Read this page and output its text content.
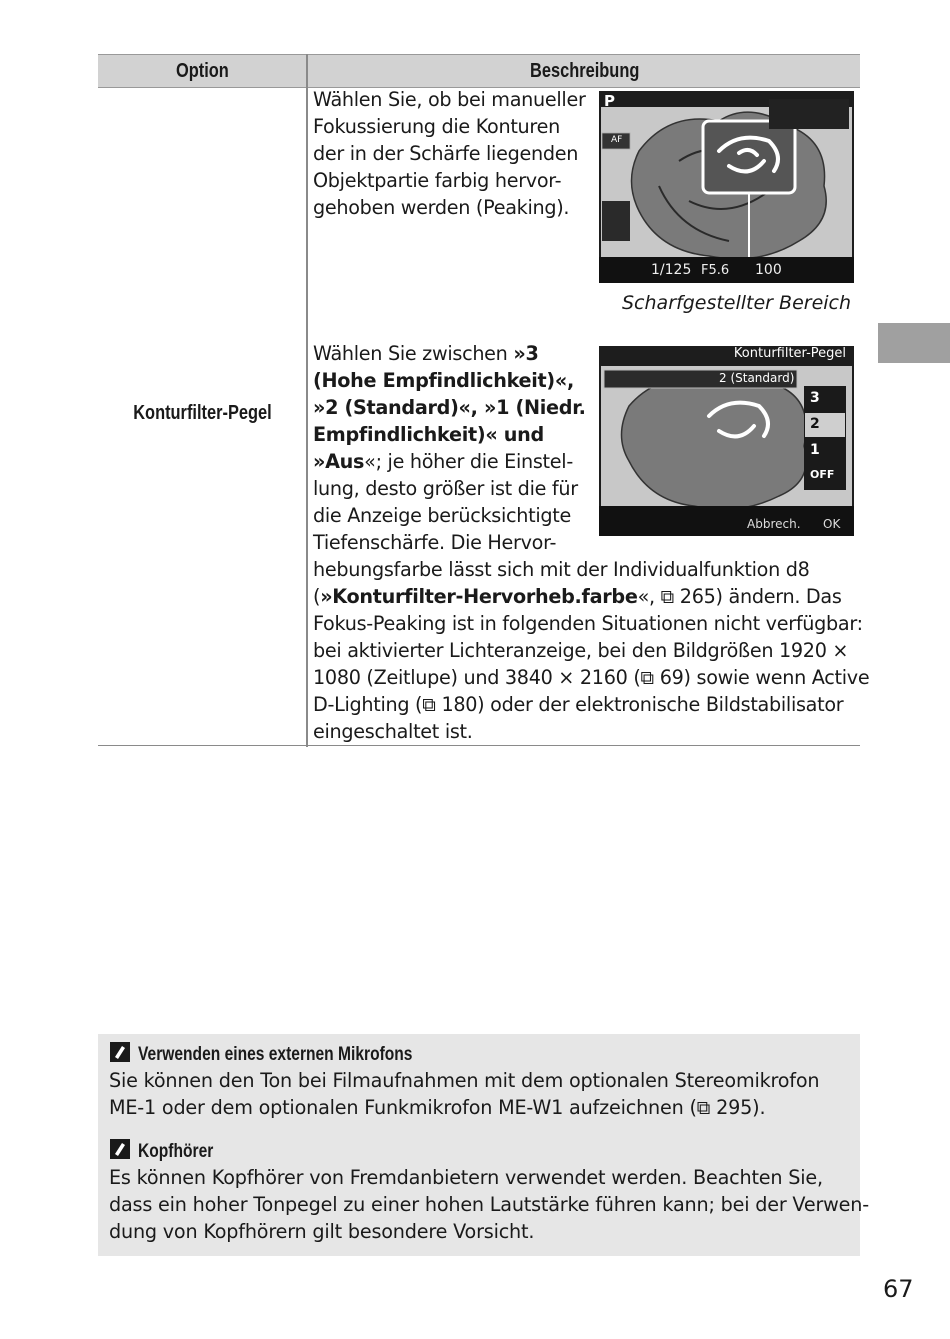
Option	Beschreibung
Konturfilter-Pegel
Wählen Sie, ob bei manueller
Fokussierung die Konturen
der in der Schärfe liegenden
Objektpartie farbig hervor-
gehoben werden (Peaking).
P
AF
1/125 F5.6 100
Scharfgestellter Bereich
Wählen Sie zwischen »3
(Hohe Empfindlichkeit)«,
»2 (Standard)«, »1 (Niedr.
Empfindlichkeit)« und
»Aus«; je höher die Einstel-
lung, desto größer ist die für
die Anzeige berücksichtigte
Tiefenschärfe. Die Hervor-
hebungsfarbe lässt sich mit der Individualfunktion d8
(»Konturfilter-Hervorheb.farbe«, ⧉ 265) ändern. Das
Fokus-Peaking ist in folgenden Situationen nicht verfügbar:
bei aktivierter Lichteranzeige, bei den Bildgrößen 1920 ×
1080 (Zeitlupe) und 3840 × 2160 (⧉ 69) sowie wenn Active
D-Lighting (⧉ 180) oder der elektronische Bildstabilisator
eingeschaltet ist.
Konturfilter-Pegel
2 (Standard)
3
2
1
OFF
Abbrech. OK
Verwenden eines externen Mikrofons
Sie können den Ton bei Filmaufnahmen mit dem optionalen Stereomikrofon
ME-1 oder dem optionalen Funkmikrofon ME-W1 aufzeichnen (⧉ 295).
Kopfhörer
Es können Kopfhörer von Fremdanbietern verwendet werden. Beachten Sie,
dass ein hoher Tonpegel zu einer hohen Lautstärke führen kann; bei der Verwen-
dung von Kopfhörern gilt besondere Vorsicht.
67
